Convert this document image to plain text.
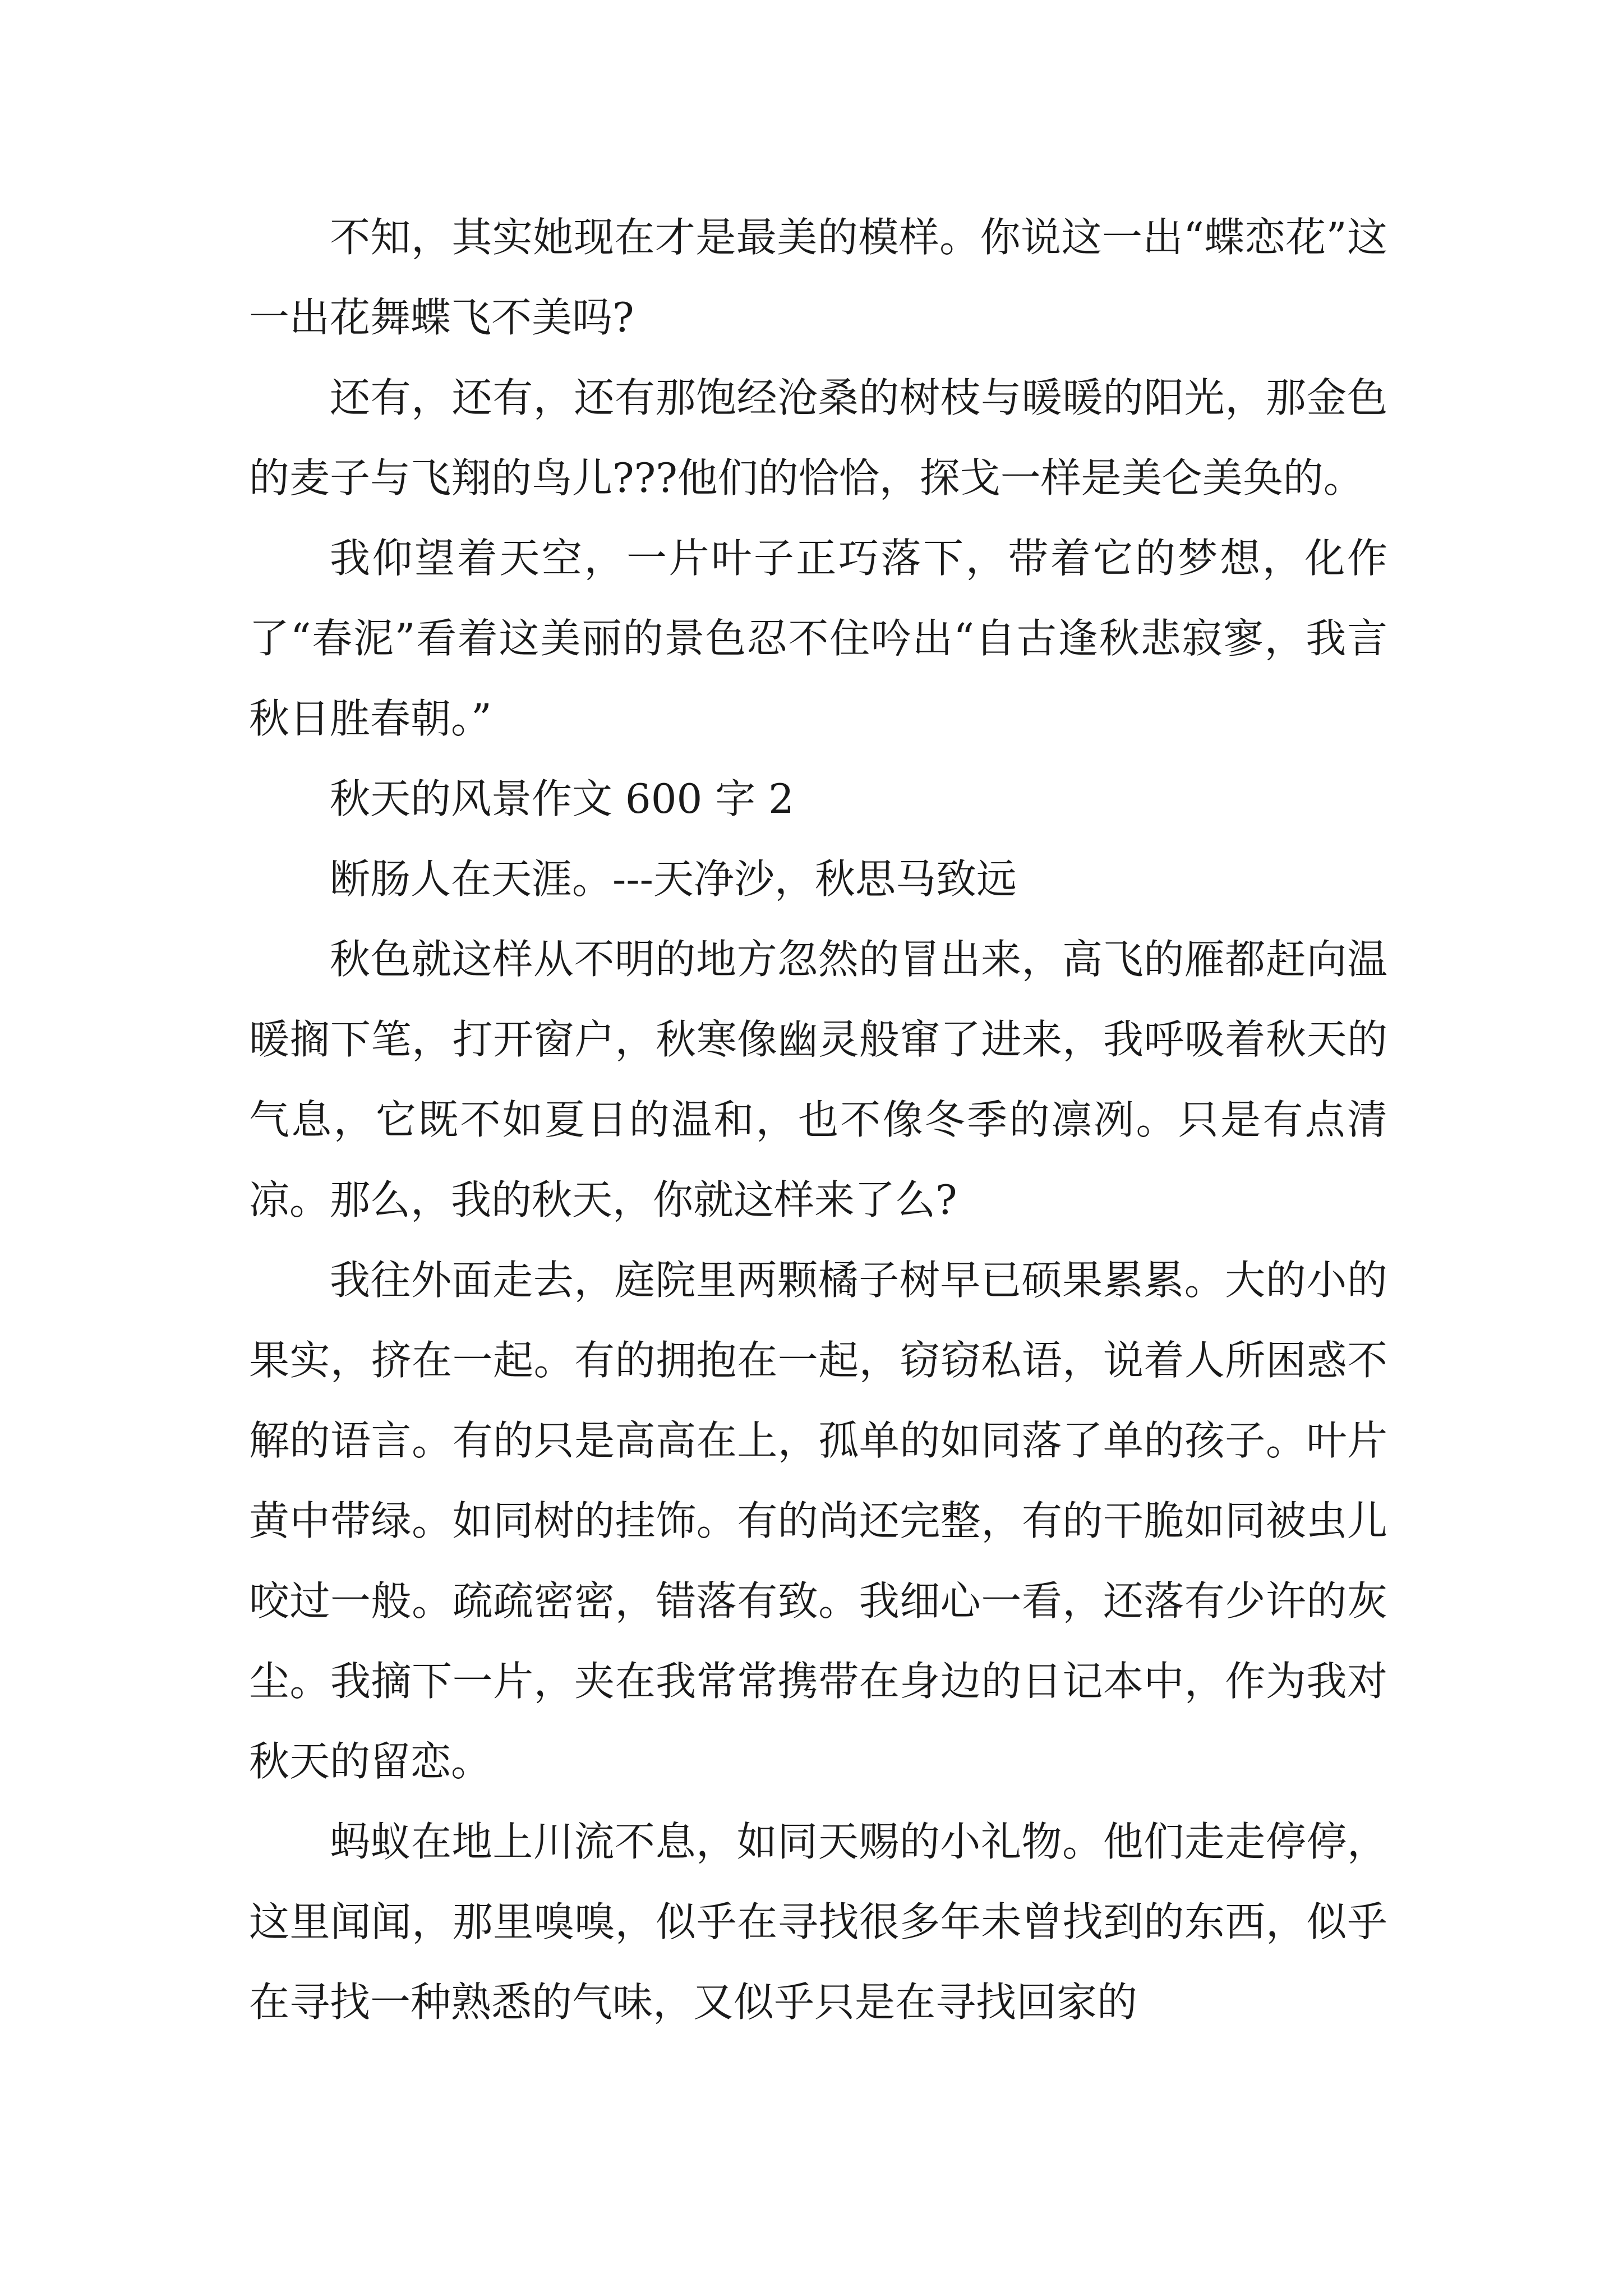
不知，其实她现在才是最美的模样。你说这一出“蝶恋花”这一出花舞蝶飞不美吗?

还有，还有，还有那饱经沧桑的树枝与暖暖的阳光，那金色的麦子与飞翔的鸟儿???他们的恰恰，探戈一样是美仑美奂的。

我仰望着天空，一片叶子正巧落下，带着它的梦想，化作了“春泥”看着这美丽的景色忍不住吟出“自古逢秋悲寂寥，我言秋日胜春朝。”

秋天的风景作文 600 字 2

断肠人在天涯。---天净沙，秋思马致远

秋色就这样从不明的地方忽然的冒出来，高飞的雁都赶向温暖搁下笔，打开窗户，秋寒像幽灵般窜了进来，我呼吸着秋天的气息，它既不如夏日的温和，也不像冬季的凛冽。只是有点清凉。那么，我的秋天，你就这样来了么?

我往外面走去，庭院里两颗橘子树早已硕果累累。大的小的果实，挤在一起。有的拥抱在一起，窃窃私语，说着人所困惑不解的语言。有的只是高高在上，孤单的如同落了单的孩子。叶片黄中带绿。如同树的挂饰。有的尚还完整，有的干脆如同被虫儿咬过一般。疏疏密密，错落有致。我细心一看，还落有少许的灰尘。我摘下一片，夹在我常常携带在身边的日记本中，作为我对秋天的留恋。

蚂蚁在地上川流不息，如同天赐的小礼物。他们走走停停，这里闻闻，那里嗅嗅，似乎在寻找很多年未曾找到的东西，似乎在寻找一种熟悉的气味，又似乎只是在寻找回家的
